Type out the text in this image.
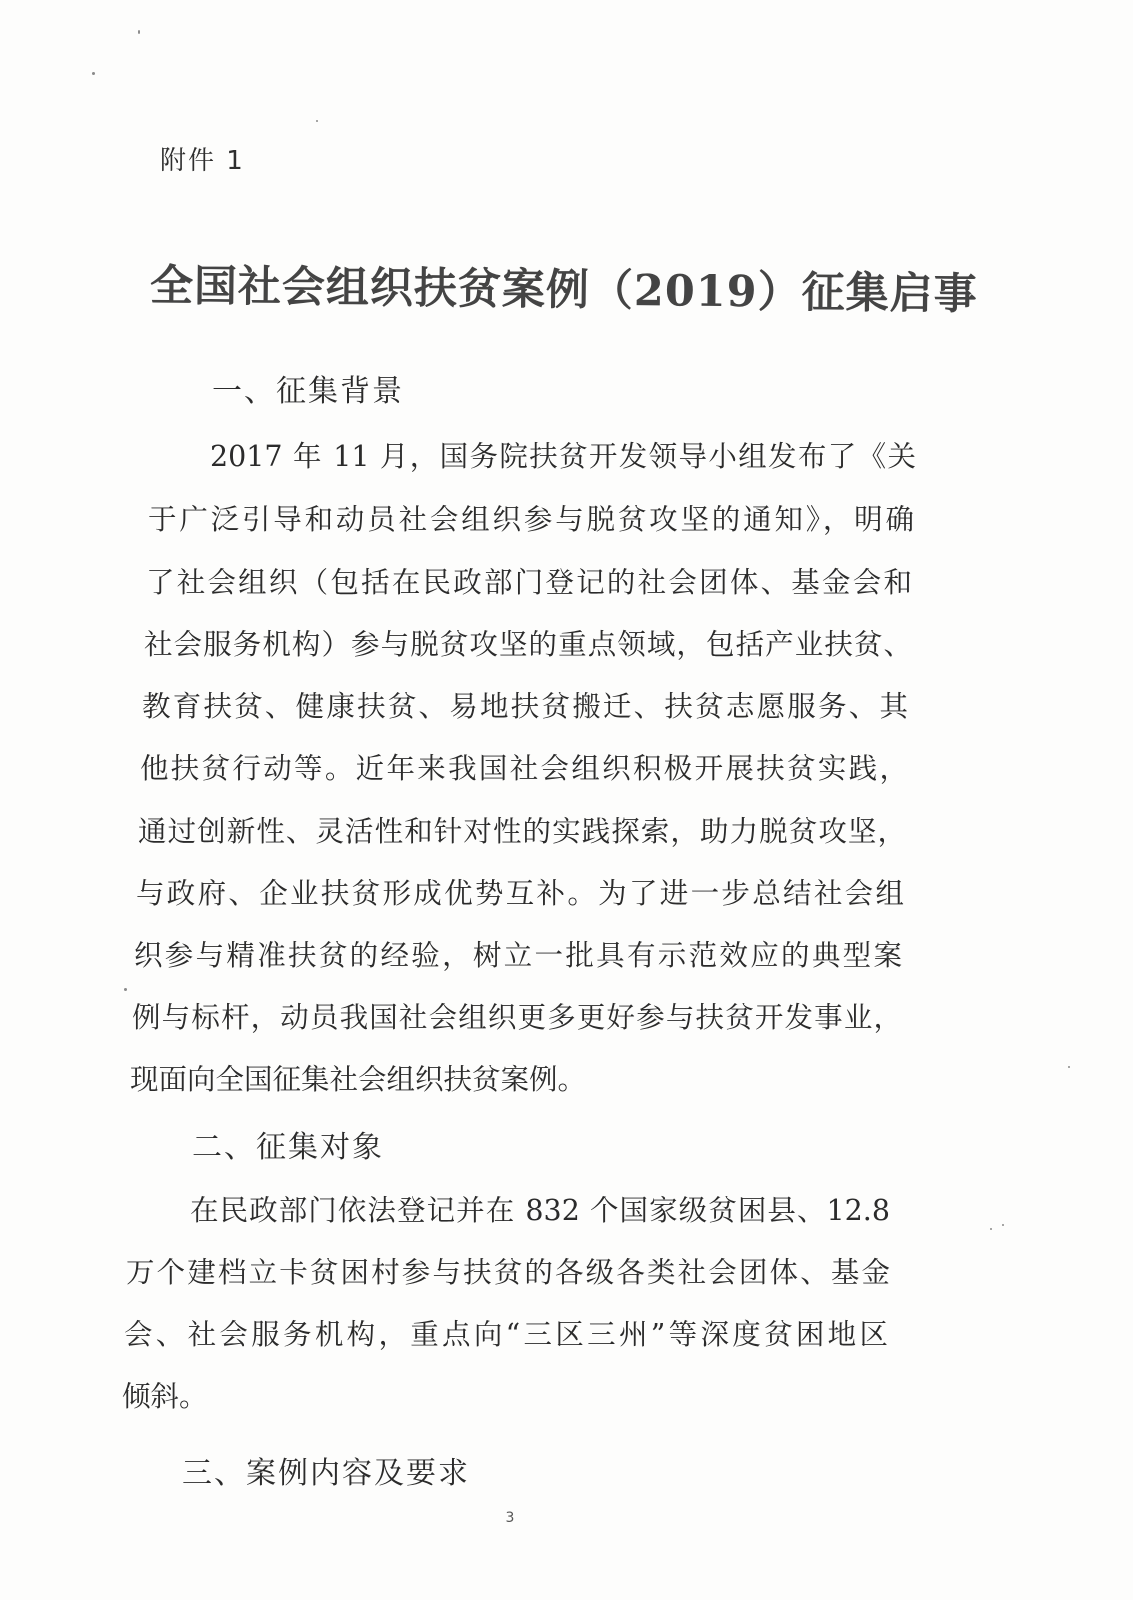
附件 1
全国社会组织扶贫案例（2019）征集启事
一、征集背景
2017 年 11 月，国务院扶贫开发领导小组发布了《关
于广泛引导和动员社会组织参与脱贫攻坚的通知》，明确
了社会组织（包括在民政部门登记的社会团体、基金会和
社会服务机构）参与脱贫攻坚的重点领域，包括产业扶贫、
教育扶贫、健康扶贫、易地扶贫搬迁、扶贫志愿服务、其
他扶贫行动等。近年来我国社会组织积极开展扶贫实践，
通过创新性、灵活性和针对性的实践探索，助力脱贫攻坚，
与政府、企业扶贫形成优势互补。为了进一步总结社会组
织参与精准扶贫的经验，树立一批具有示范效应的典型案
例与标杆，动员我国社会组织更多更好参与扶贫开发事业，
现面向全国征集社会组织扶贫案例。
二、征集对象
在民政部门依法登记并在 832 个国家级贫困县、12.8
万个建档立卡贫困村参与扶贫的各级各类社会团体、基金
会、社会服务机构，重点向“三区三州”等深度贫困地区
倾斜。
三、案例内容及要求
3
